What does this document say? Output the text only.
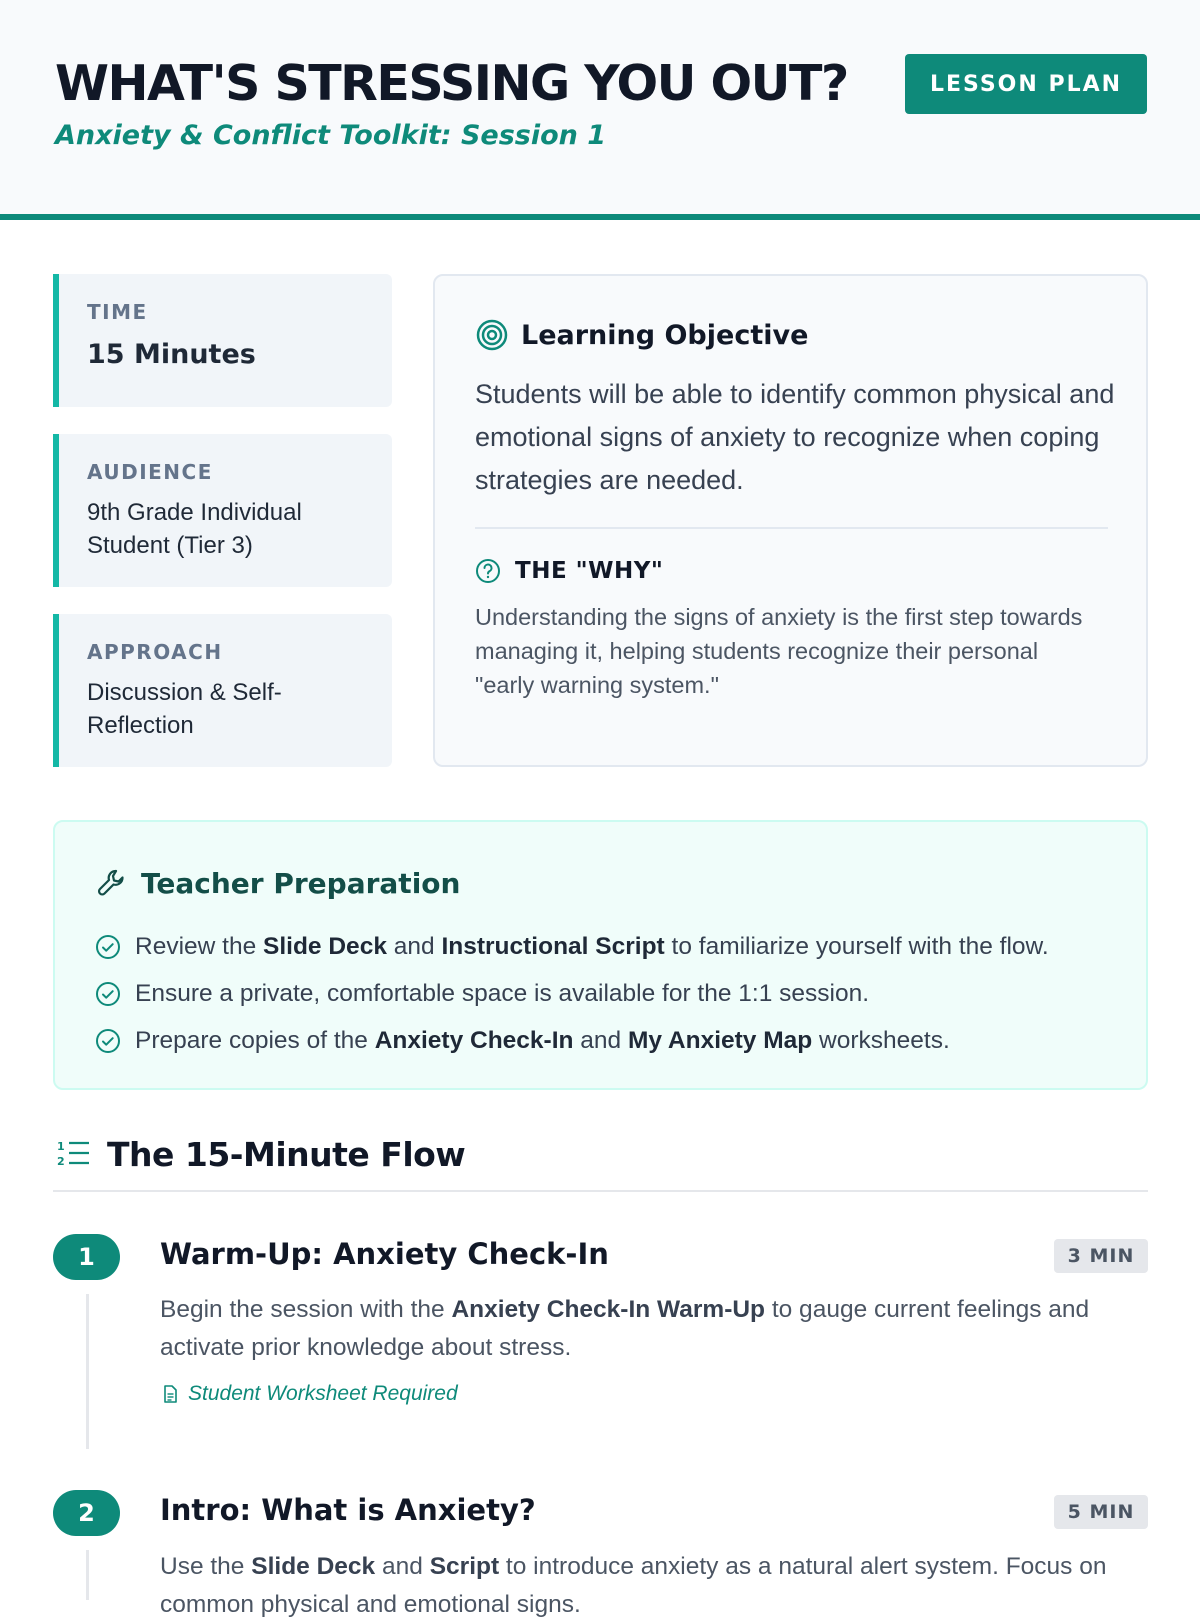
WHAT'S STRESSING YOU OUT?
Anxiety & Conflict Toolkit: Session 1
LESSON PLAN
TIME
15 Minutes
AUDIENCE
9th Grade Individual Student (Tier 3)
APPROACH
Discussion & Self-Reflection
Learning Objective

Students will be able to identify common physical and emotional signs of anxiety to recognize when coping strategies are needed.

THE "WHY"

Understanding the signs of anxiety is the first step towards managing it, helping students recognize their personal "early warning system."

Teacher Preparation
Review the Slide Deck and Instructional Script to familiarize yourself with the flow.
Ensure a private, comfortable space is available for the 1:1 session.
Prepare copies of the Anxiety Check-In and My Anxiety Map worksheets.
1
2 The 15-Minute Flow
1	Warm-Up: Anxiety Check-In	3 MIN

Begin the session with the Anxiety Check-In Warm-Up to gauge current feelings and activate prior knowledge about stress.

Student Worksheet Required
2	Intro: What is Anxiety?	5 MIN

Use the Slide Deck and Script to introduce anxiety as a natural alert system. Focus on common physical and emotional signs.
